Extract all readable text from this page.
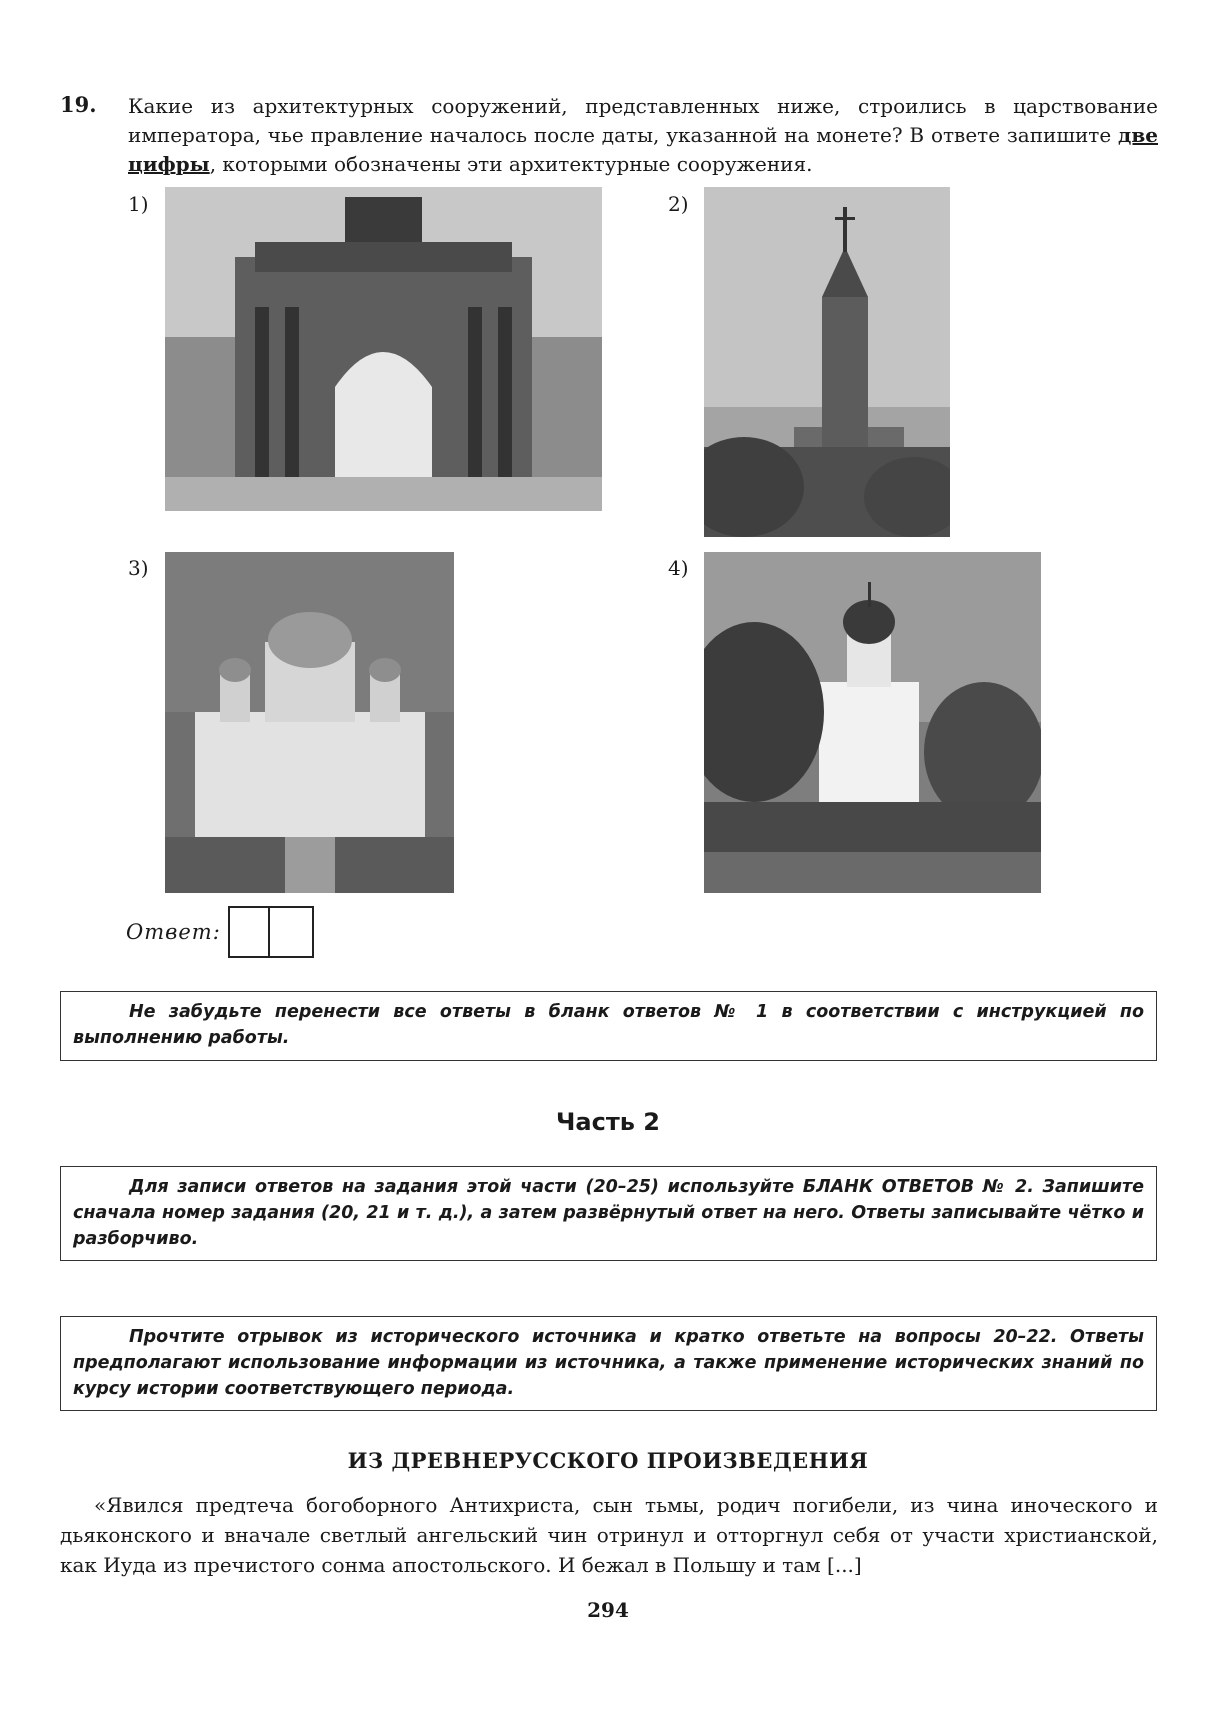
19. Какие из архитектурных сооружений, представленных ниже, строились в царствование императора, чье правление началось после даты, указанной на монете? В ответе запишите две цифры, которыми обозначены эти архитектурные сооружения.
1)	2)
3)	4)
Ответ:
Не забудьте перенести все ответы в бланк ответов № 1 в соответствии с инструкцией по выполнению работы.
Часть 2
Для записи ответов на задания этой части (20–25) используйте БЛАНК ОТВЕТОВ № 2. Запишите сначала номер задания (20, 21 и т. д.), а затем развёрнутый ответ на него. Ответы записывайте чётко и разборчиво.
Прочтите отрывок из исторического источника и кратко ответьте на вопросы 20–22. Ответы предполагают использование информации из источника, а также применение исторических знаний по курсу истории соответствующего периода.
ИЗ ДРЕВНЕРУССКОГО ПРОИЗВЕДЕНИЯ
«Явился предтеча богоборного Антихриста, сын тьмы, родич погибели, из чина иноческого и дьяконского и вначале светлый ангельский чин отринул и отторгнул себя от участи христианской, как Иуда из пречистого сонма апостольского. И бежал в Польшу и там [...]
294
